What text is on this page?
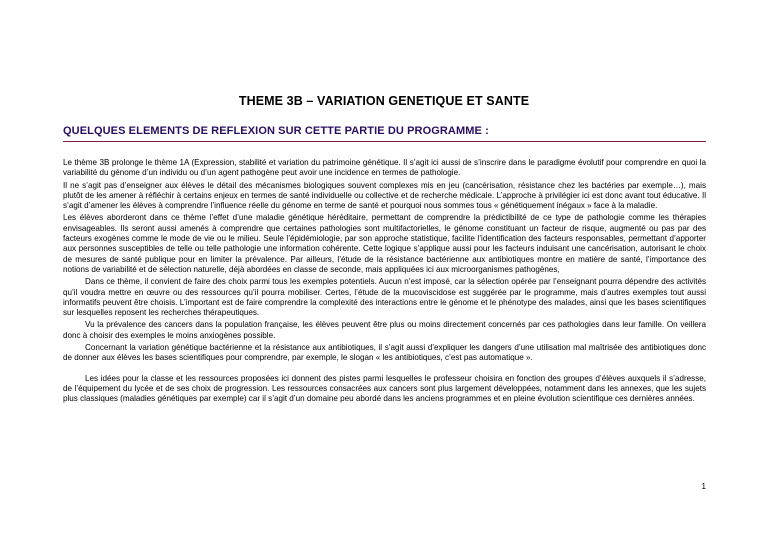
THEME 3B – VARIATION GENETIQUE ET SANTE
QUELQUES ELEMENTS DE REFLEXION SUR CETTE PARTIE DU PROGRAMME :

Le thème 3B prolonge le thème 1A (Expression, stabilité et variation du patrimoine génétique. Il s’agit ici aussi de s’inscrire dans le paradigme évolutif pour comprendre en quoi la variabilité du génome d’un individu ou d’un agent pathogène peut avoir une incidence en termes de pathologie.

Il ne s’agit pas d’enseigner aux élèves le détail des mécanismes biologiques souvent complexes mis en jeu (cancérisation, résistance chez les bactéries par exemple…), mais plutôt de les amener à réfléchir à certains enjeux en termes de santé individuelle ou collective et de recherche médicale. L’approche à privilégier ici est donc avant tout éducative. Il s’agit d’amener les élèves à comprendre l’influence réelle du génome en terme de santé et pourquoi nous sommes tous « génétiquement inégaux » face à la maladie.

Les élèves aborderont dans ce thème l’effet d’une maladie génétique héréditaire, permettant de comprendre la prédictibilité de ce type de pathologie comme les thérapies envisageables. Ils seront aussi amenés à comprendre que certaines pathologies sont multifactorielles, le génome constituant un facteur de risque, augmenté ou pas par des facteurs exogènes comme le mode de vie ou le milieu. Seule l’épidémiologie, par son approche statistique, facilite l’identification des facteurs responsables, permettant d’apporter aux personnes susceptibles de telle ou telle pathologie une information cohérente. Cette logique s’applique aussi pour les facteurs induisant une cancérisation, autorisant le choix de mesures de santé publique pour en limiter la prévalence. Par ailleurs, l’étude de la résistance bactérienne aux antibiotiques montre en matière de santé, l’importance des notions de variabilité et de sélection naturelle, déjà abordées en classe de seconde, mais appliquées ici aux microorganismes pathogènes,

Dans ce thème, il convient de faire des choix parmi tous les exemples potentiels. Aucun n’est imposé, car la sélection opérée par l’enseignant pourra dépendre des activités qu’il voudra mettre en œuvre ou des ressources qu’il pourra mobiliser. Certes, l’étude de la mucoviscidose est suggérée par le programme, mais d’autres exemples tout aussi informatifs peuvent être choisis. L’important est de faire comprendre la complexité des interactions entre le génome et le phénotype des malades, ainsi que les bases scientifiques sur lesquelles reposent les recherches thérapeutiques.

Vu la prévalence des cancers dans la population française, les élèves peuvent être plus ou moins directement concernés par ces pathologies dans leur famille. On veillera donc à choisir des exemples le moins anxiogènes possible.

Concernant la variation génétique bactérienne et la résistance aux antibiotiques, il s’agit aussi d’expliquer les dangers d’une utilisation mal maîtrisée des antibiotiques donc de donner aux élèves les bases scientifiques pour comprendre, par exemple, le slogan « les antibiotiques, c’est pas automatique ».

Les idées pour la classe et les ressources proposées ici donnent des pistes parmi lesquelles le professeur choisira en fonction des groupes d’élèves auxquels il s’adresse, de l’équipement du lycée et de ses choix de progression. Les ressources consacrées aux cancers sont plus largement développées, notamment dans les annexes, que les sujets plus classiques (maladies génétiques par exemple) car il s’agit d’un domaine peu abordé dans les anciens programmes et en pleine évolution scientifique ces dernières années.

1
